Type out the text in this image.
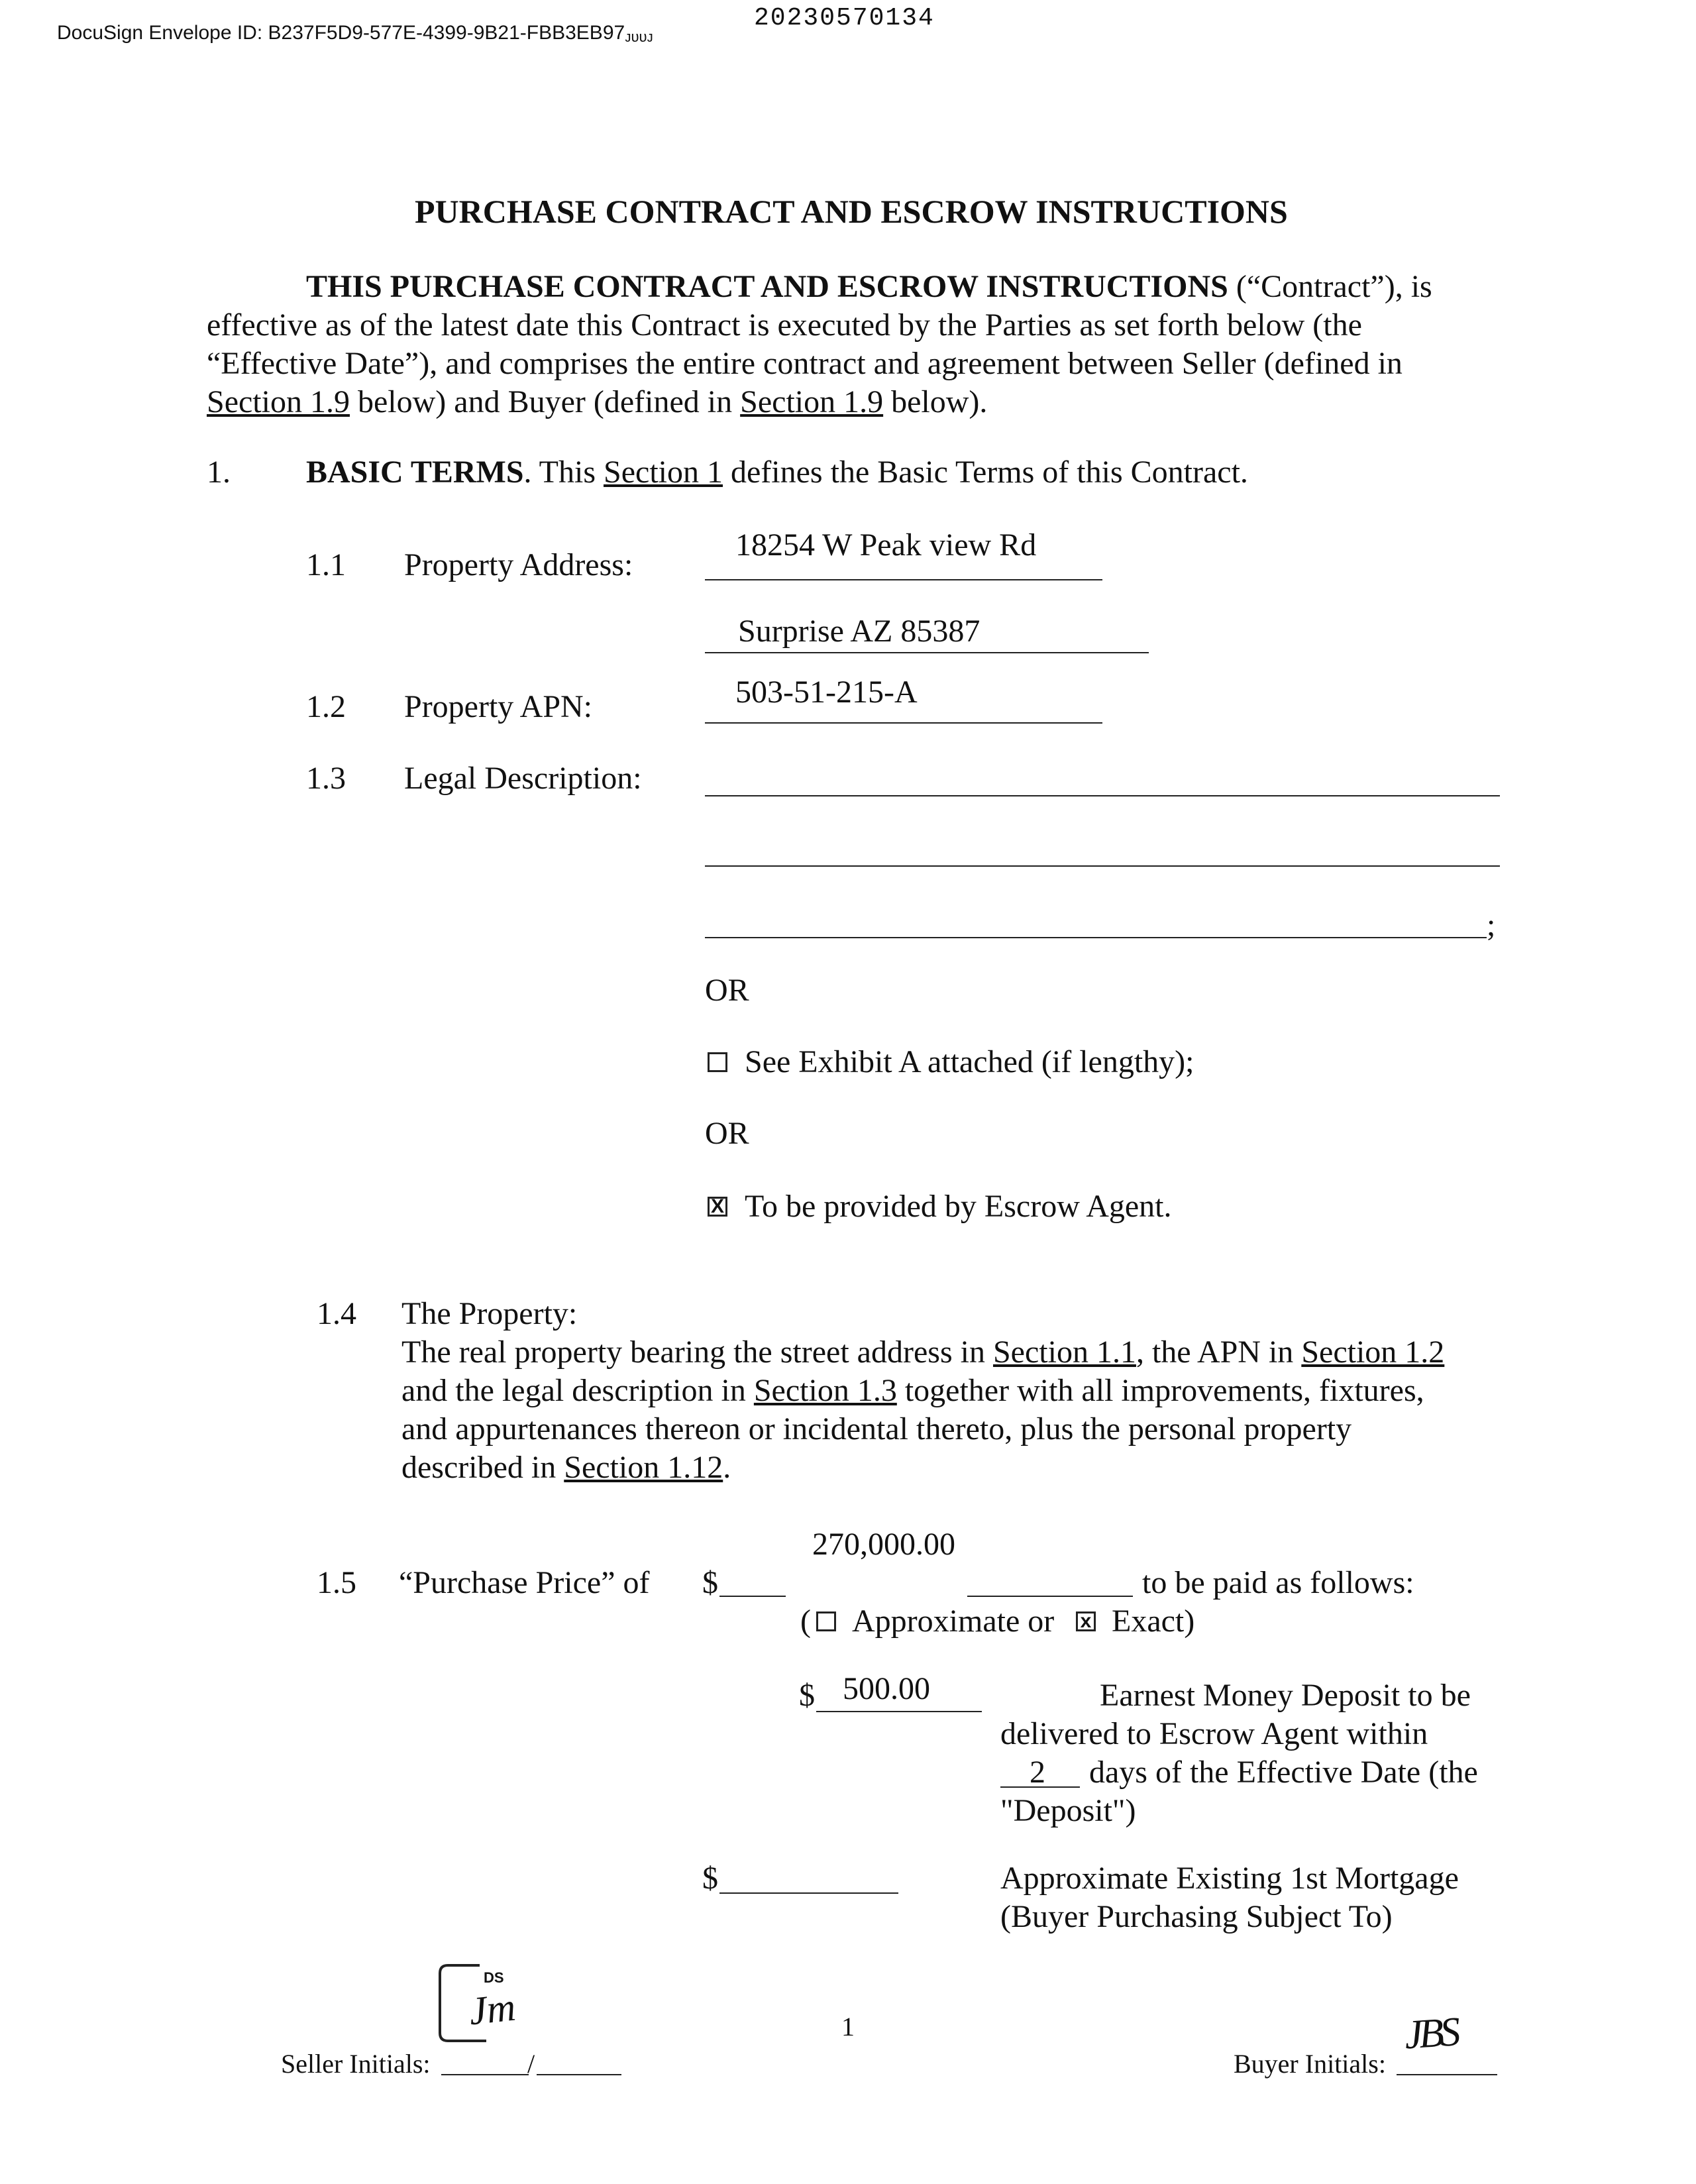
DocuSign Envelope ID: B237F5D9-577E-4399-9B21-FBB3EB97ᴊᴜᴜᴊ
20230570134
PURCHASE CONTRACT AND ESCROW INSTRUCTIONS
THIS PURCHASE CONTRACT AND ESCROW INSTRUCTIONS (“Contract”), is
effective as of the latest date this Contract is executed by the Parties as set forth below (the
“Effective Date”), and comprises the entire contract and agreement between Seller (defined in
Section 1.9 below) and Buyer (defined in Section 1.9 below).
1. BASIC TERMS. This Section 1 defines the Basic Terms of this Contract.
1.1 Property Address:
18254 W Peak view Rd
Surprise AZ 85387
1.2 Property APN:	503-51-215-A
1.3 Legal Description:
;
OR
See Exhibit A attached (if lengthy);
OR
X To be provided by Escrow Agent.
1.4 The Property:
The real property bearing the street address in Section 1.1, the APN in Section 1.2
and the legal description in Section 1.3 together with all improvements, fixtures,
and appurtenances thereon or incidental thereto, plus the personal property
described in Section 1.12.
1.5 “Purchase Price” of $
270,000.00
to be paid as follows:
( Approximate or x Exact)
$ 500.00	Earnest Money Deposit to be
delivered to Escrow Agent within
2 days of the Effective Date (the
"Deposit")
$	Approximate Existing 1st Mortgage
(Buyer Purchasing Subject To)
DS
Jm
Seller Initials:	/
1
Buyer Initials:
JBS
